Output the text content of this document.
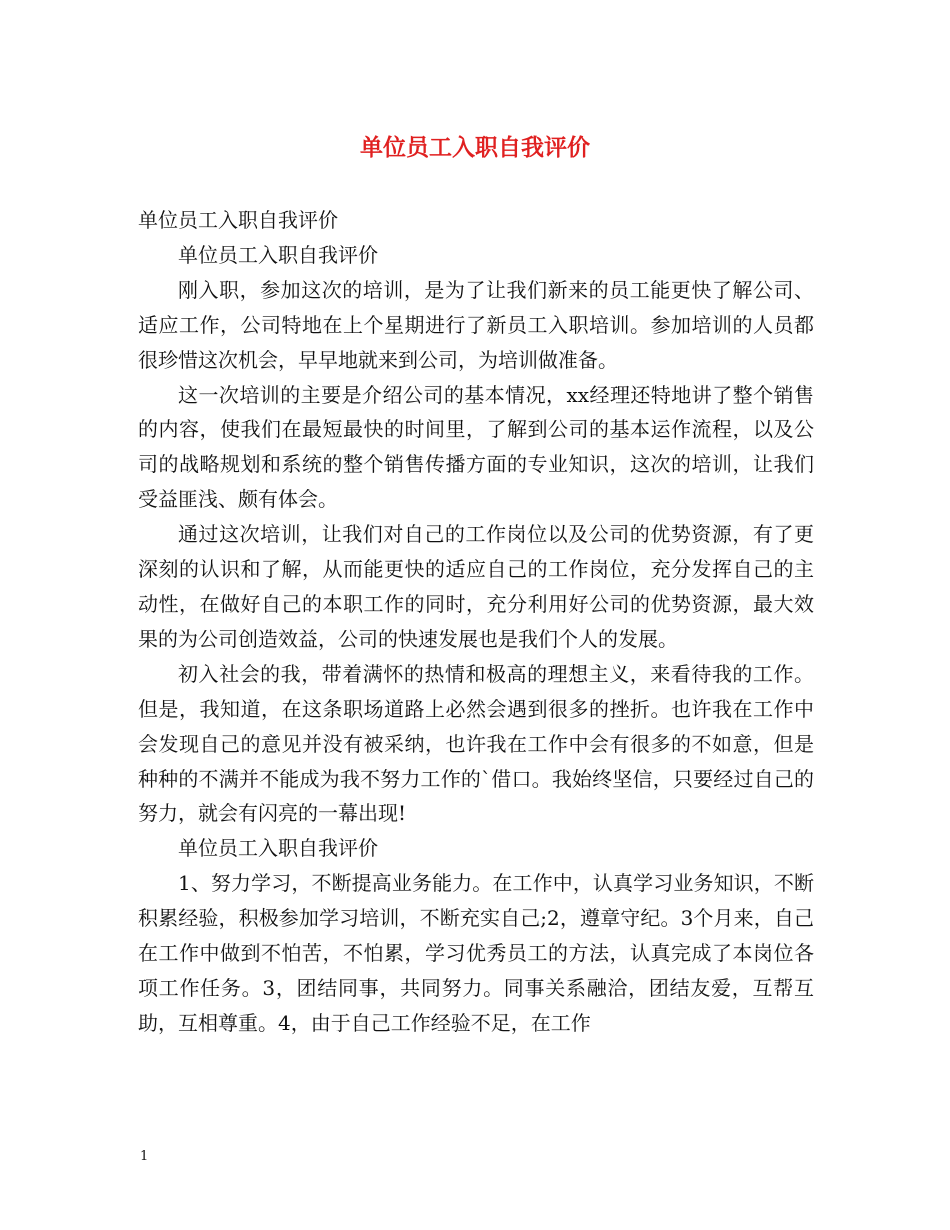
单位员工入职自我评价

单位员工入职自我评价

单位员工入职自我评价

刚入职，参加这次的培训，是为了让我们新来的员工能更快了解公司、适应工作，公司特地在上个星期进行了新员工入职培训。参加培训的人员都很珍惜这次机会，早早地就来到公司，为培训做准备。

这一次培训的主要是介绍公司的基本情况，xx经理还特地讲了整个销售的内容，使我们在最短最快的时间里，了解到公司的基本运作流程，以及公司的战略规划和系统的整个销售传播方面的专业知识，这次的培训，让我们受益匪浅、颇有体会。

通过这次培训，让我们对自己的工作岗位以及公司的优势资源，有了更深刻的认识和了解，从而能更快的适应自己的工作岗位，充分发挥自己的主动性，在做好自己的本职工作的同时，充分利用好公司的优势资源，最大效果的为公司创造效益，公司的快速发展也是我们个人的发展。

初入社会的我，带着满怀的热情和极高的理想主义，来看待我的工作。但是，我知道，在这条职场道路上必然会遇到很多的挫折。也许我在工作中会发现自己的意见并没有被采纳，也许我在工作中会有很多的不如意，但是种种的不满并不能成为我不努力工作的`借口。我始终坚信，只要经过自己的努力，就会有闪亮的一幕出现!

单位员工入职自我评价

1、努力学习，不断提高业务能力。在工作中，认真学习业务知识，不断积累经验，积极参加学习培训，不断充实自己;2，遵章守纪。3个月来，自己在工作中做到不怕苦，不怕累，学习优秀员工的方法，认真完成了本岗位各项工作任务。3，团结同事，共同努力。同事关系融洽，团结友爱，互帮互助，互相尊重。4，由于自己工作经验不足，在工作

1
